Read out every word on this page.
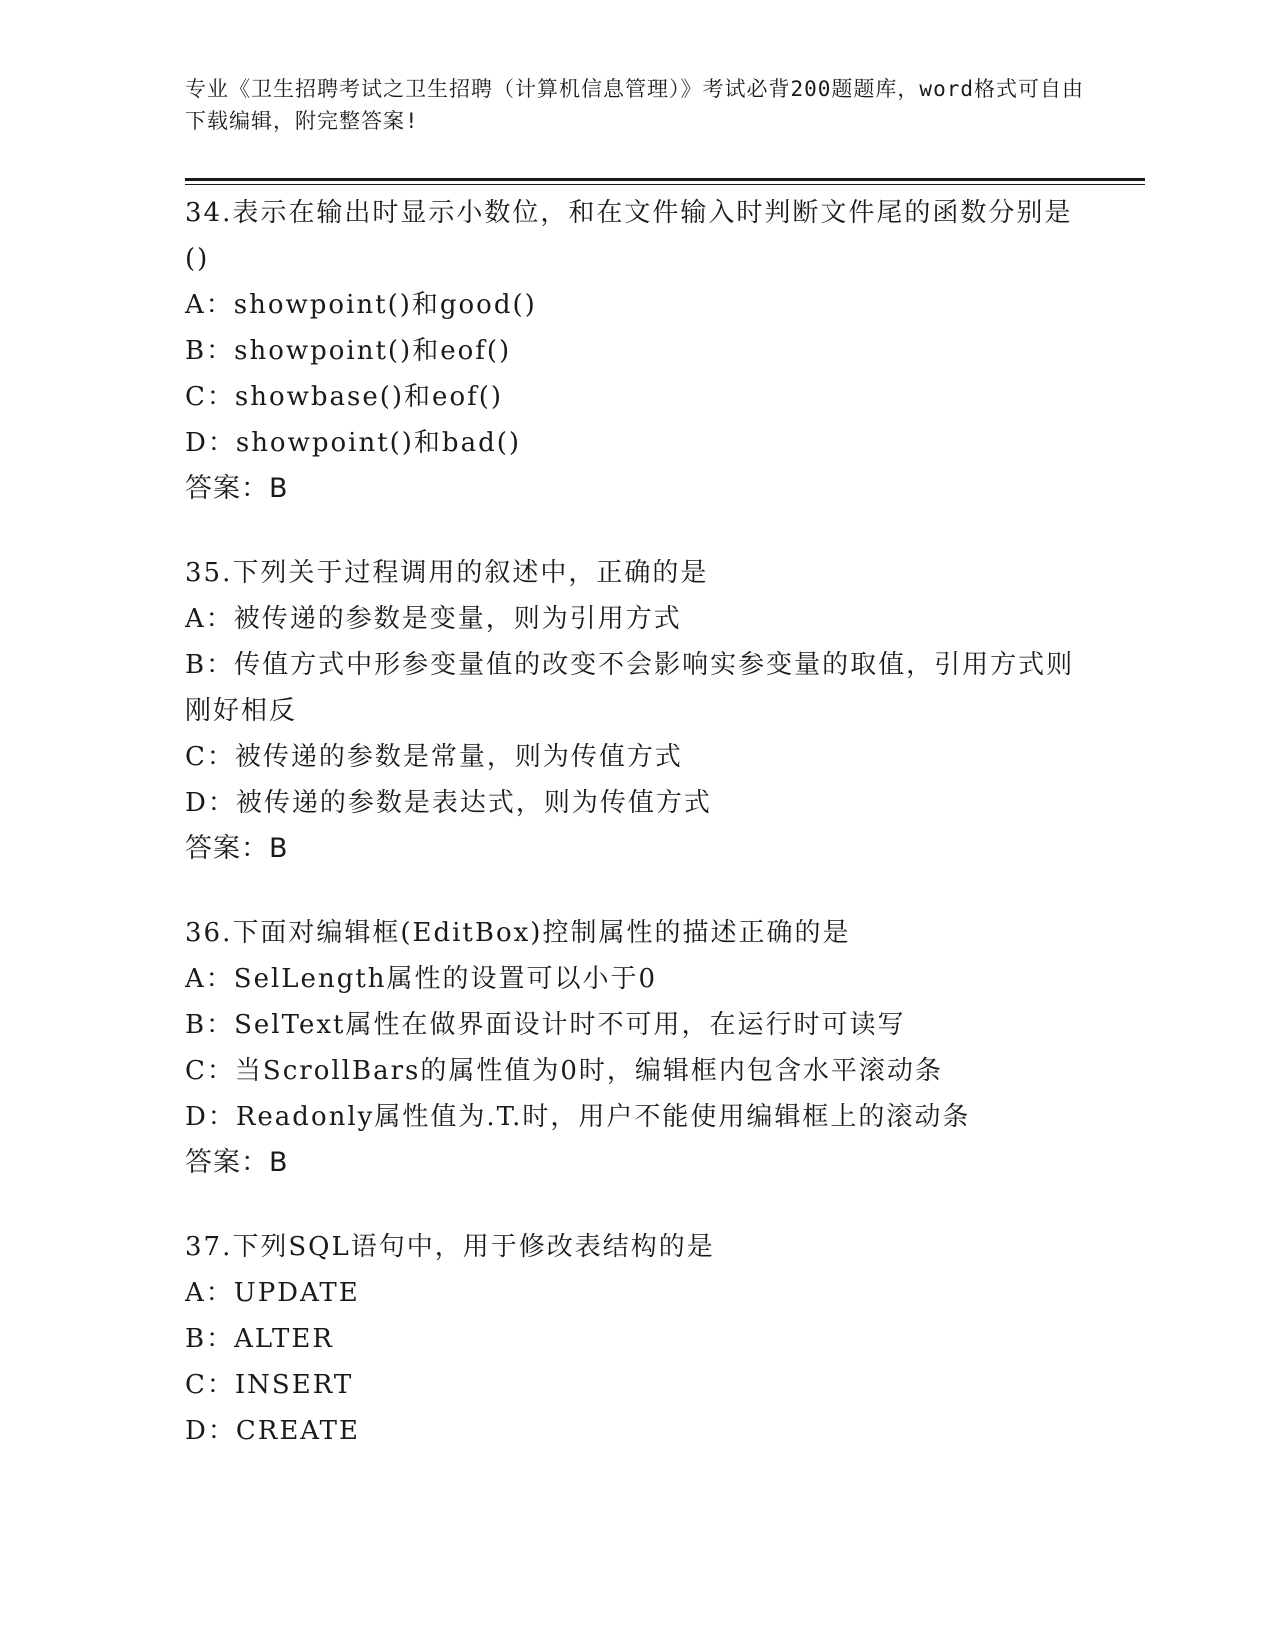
专业《卫生招聘考试之卫生招聘（计算机信息管理）》考试必背200题题库，word格式可自由下载编辑，附完整答案!
34.表示在输出时显示小数位，和在文件输入时判断文件尾的函数分别是()
A：showpoint()和good()
B：showpoint()和eof()
C：showbase()和eof()
D：showpoint()和bad()
答案：B
35.下列关于过程调用的叙述中，正确的是
A：被传递的参数是变量，则为引用方式
B：传值方式中形参变量值的改变不会影响实参变量的取值，引用方式则刚好相反
C：被传递的参数是常量，则为传值方式
D：被传递的参数是表达式，则为传值方式
答案：B
36.下面对编辑框(EditBox)控制属性的描述正确的是
A：SelLength属性的设置可以小于0
B：SelText属性在做界面设计时不可用，在运行时可读写
C：当ScrollBars的属性值为0时，编辑框内包含水平滚动条
D：Readonly属性值为.T.时，用户不能使用编辑框上的滚动条
答案：B
37.下列SQL语句中，用于修改表结构的是
A：UPDATE
B：ALTER
C：INSERT
D：CREATE
